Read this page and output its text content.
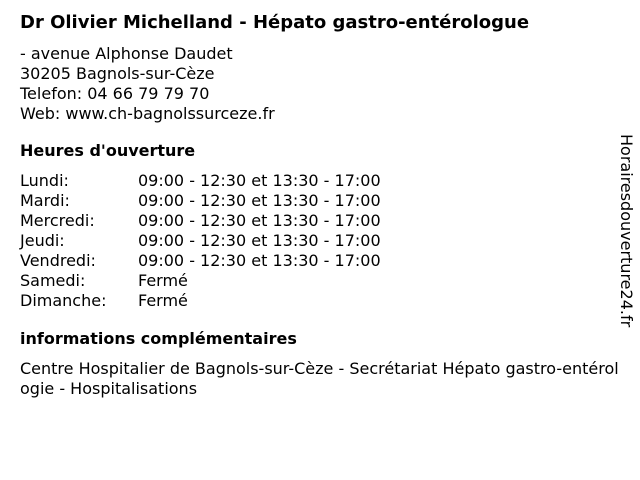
Dr Olivier Michelland - Hépato gastro-entérologue
- avenue Alphonse Daudet
30205 Bagnols-sur-Cèze
Telefon: 04 66 79 79 70
Web: www.ch-bagnolssurceze.fr
Heures d'ouverture
Lundi:	09:00 - 12:30 et 13:30 - 17:00
Mardi:	09:00 - 12:30 et 13:30 - 17:00
Mercredi:	09:00 - 12:30 et 13:30 - 17:00
Jeudi:	09:00 - 12:30 et 13:30 - 17:00
Vendredi:	09:00 - 12:30 et 13:30 - 17:00
Samedi:	Fermé
Dimanche:	Fermé
informations complémentaires
Centre Hospitalier de Bagnols-sur-Cèze - Secrétariat Hépato gastro-entérologie - Hospitalisations
Horairesdouverture24.fr
